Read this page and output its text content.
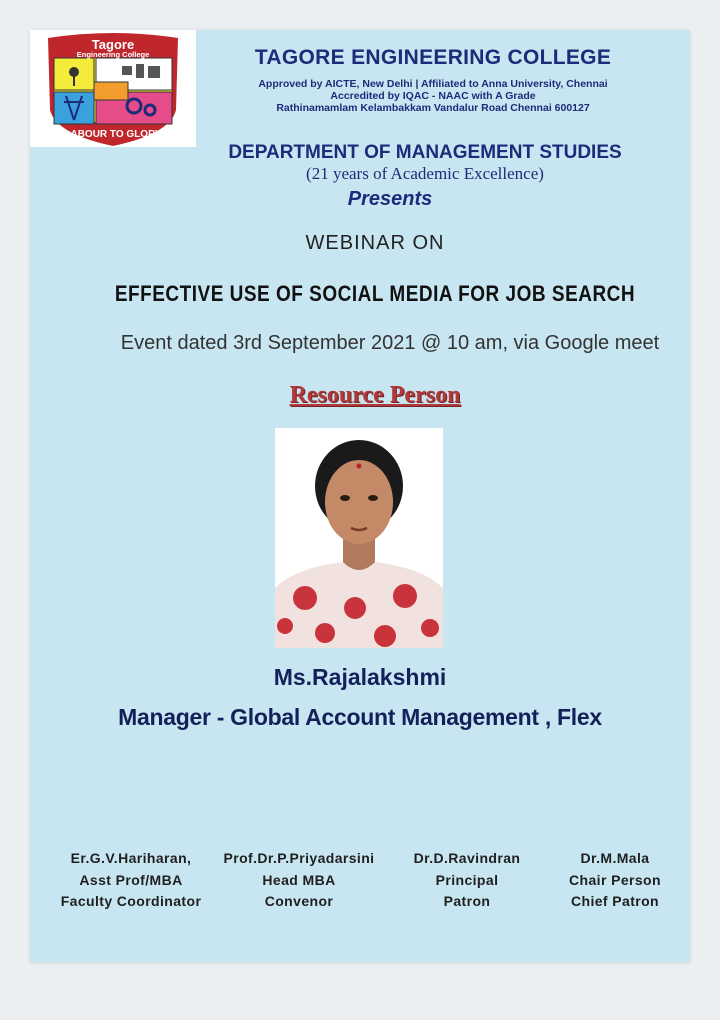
Tagore
Engineering College
LABOUR TO GLORY
TAGORE ENGINEERING COLLEGE
Approved by AICTE, New Delhi | Affiliated to Anna University, Chennai
Accredited by IQAC - NAAC with A Grade
Rathinamamlam Kelambakkam Vandalur Road Chennai 600127
DEPARTMENT OF MANAGEMENT STUDIES
(21 years of Academic Excellence)
Presents
WEBINAR ON
EFFECTIVE USE OF SOCIAL MEDIA FOR JOB SEARCH
Event dated 3rd September 2021 @ 10 am, via Google meet
Resource Person
Ms.Rajalakshmi
Manager - Global Account Management , Flex
Er.G.V.Hariharan,
Asst Prof/MBA
Faculty Coordinator
Prof.Dr.P.Priyadarsini
Head MBA
Convenor
Dr.D.Ravindran
Principal
Patron
Dr.M.Mala
Chair Person
Chief Patron
